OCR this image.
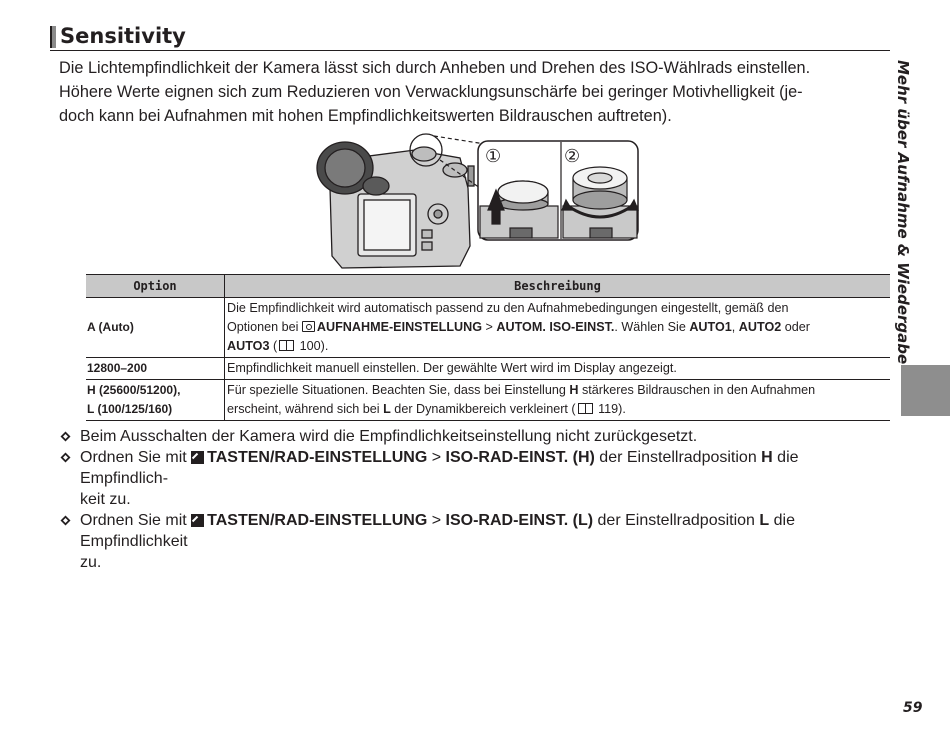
Sensitivity

Die Lichtempfindlichkeit der Kamera lässt sich durch Anheben und Drehen des ISO-Wählrads einstellen.

Höhere Werte eignen sich zum Reduzieren von Verwacklungsunschärfe bei geringer Motivhelligkeit (je-

doch kann bei Aufnahmen mit hohen Empfindlichkeitswerten Bildrauschen auftreten).

①	②
Option	Beschreibung
A (Auto)	Die Empfindlichkeit wird automatisch passend zu den Aufnahmebedingungen eingestellt, gemäß den
Optionen bei AUFNAHME-EINSTELLUNG > AUTOM. ISO-EINST.. Wählen Sie AUTO1, AUTO2 oder
AUTO3 ( 100).
12800–200	Empfindlichkeit manuell einstellen. Der gewählte Wert wird im Display angezeigt.
H (25600/51200),
L (100/125/160)	Für spezielle Situationen. Beachten Sie, dass bei Einstellung H stärkeres Bildrauschen in den Aufnahmen
erscheint, während sich bei L der Dynamikbereich verkleinert ( 119).
Beim Ausschalten der Kamera wird die Empfindlichkeitseinstellung nicht zurückgesetzt.
Ordnen Sie mit TASTEN/RAD-EINSTELLUNG > ISO-RAD-EINST. (H) der Einstellradposition H die Empfindlich-
keit zu.
Ordnen Sie mit TASTEN/RAD-EINSTELLUNG > ISO-RAD-EINST. (L) der Einstellradposition L die Empfindlichkeit
zu.
Mehr über Aufnahme & Wiedergabe
59
